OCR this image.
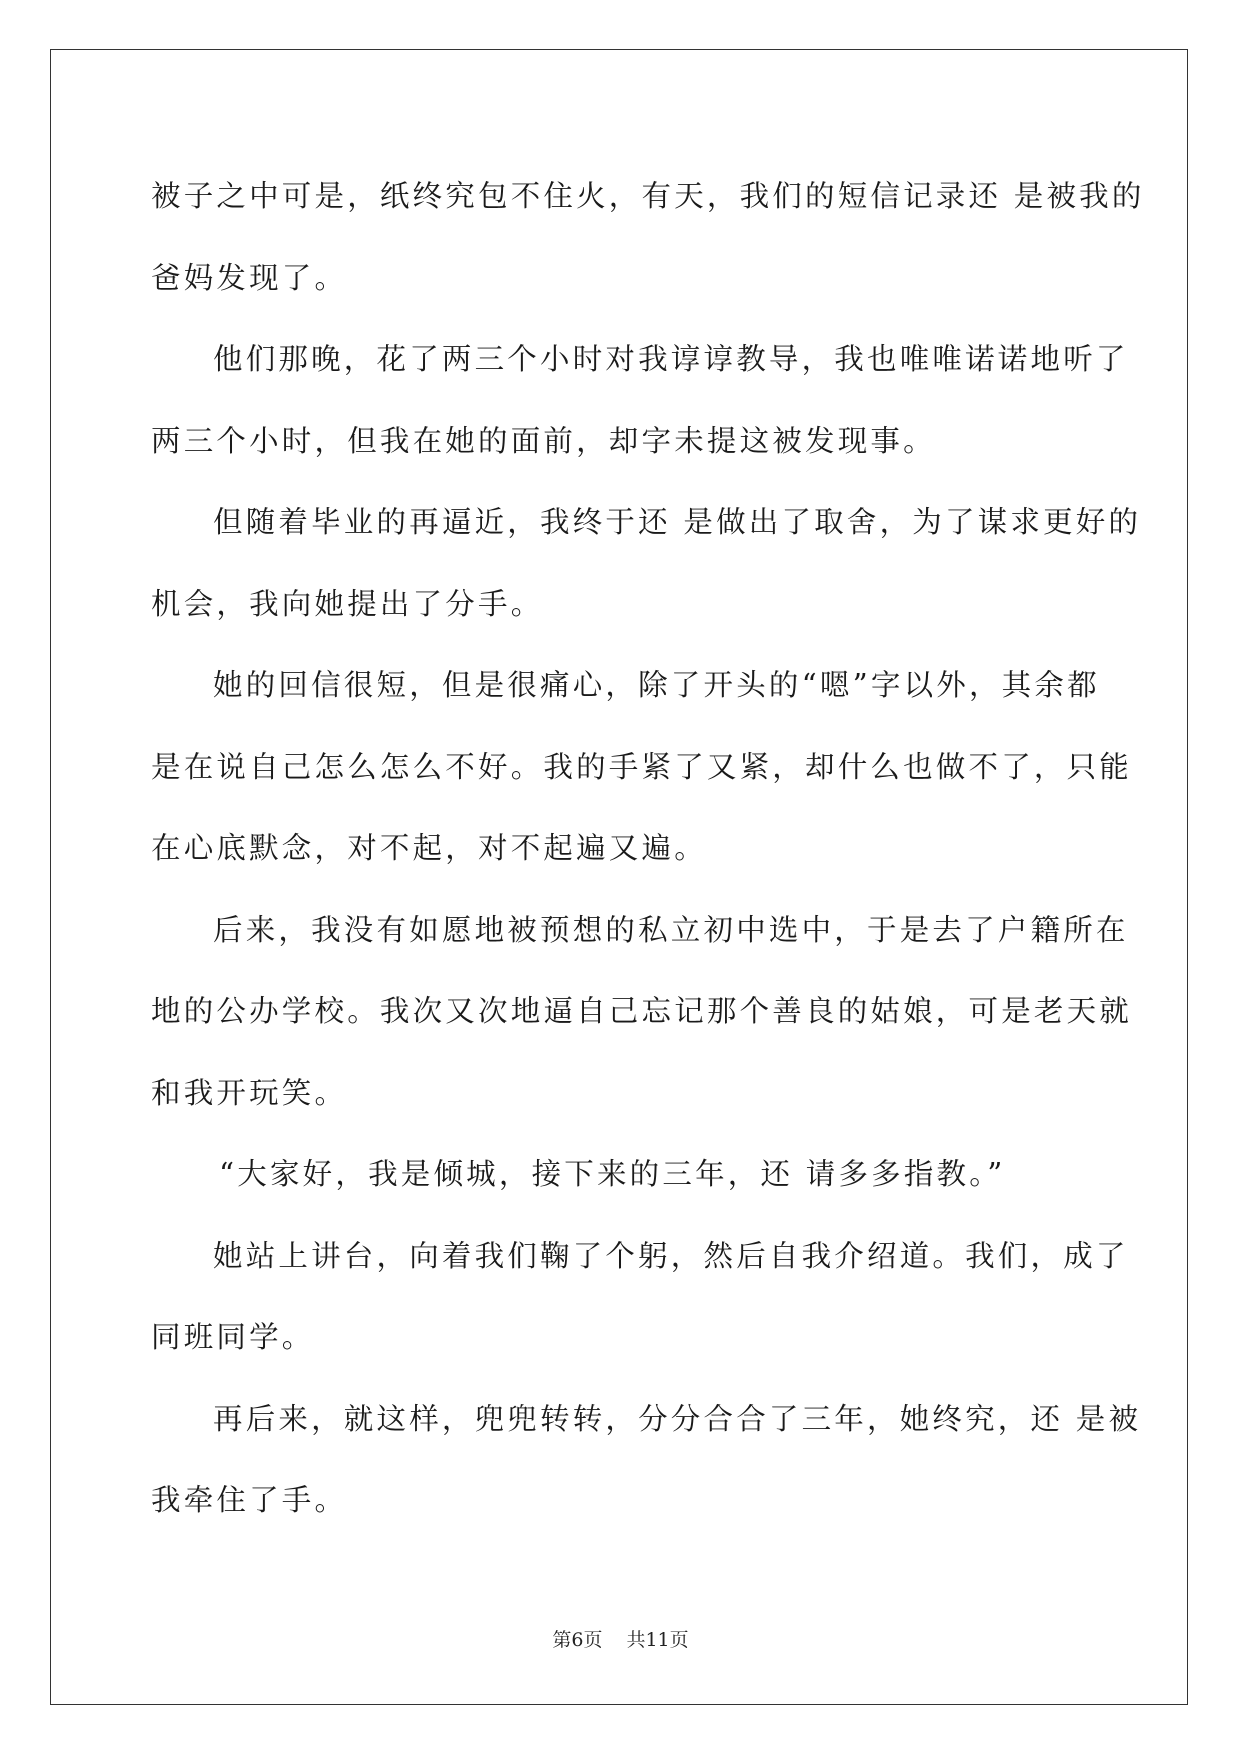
被子之中可是，纸终究包不住火，有天，我们的短信记录还 是被我的
爸妈发现了。

他们那晚，花了两三个小时对我谆谆教导，我也唯唯诺诺地听了
两三个小时，但我在她的面前，却字未提这被发现事。

但随着毕业的再逼近，我终于还 是做出了取舍，为了谋求更好的
机会，我向她提出了分手。

她的回信很短，但是很痛心，除了开头的“嗯”字以外，其余都
是在说自己怎么怎么不好。我的手紧了又紧，却什么也做不了，只能
在心底默念，对不起，对不起遍又遍。

后来，我没有如愿地被预想的私立初中选中，于是去了户籍所在
地的公办学校。我次又次地逼自己忘记那个善良的姑娘，可是老天就
和我开玩笑。

“大家好，我是倾城，接下来的三年，还 请多多指教。”

她站上讲台，向着我们鞠了个躬，然后自我介绍道。我们，成了
同班同学。

再后来，就这样，兜兜转转，分分合合了三年，她终究，还 是被
我牵住了手。

第6页 共11页
